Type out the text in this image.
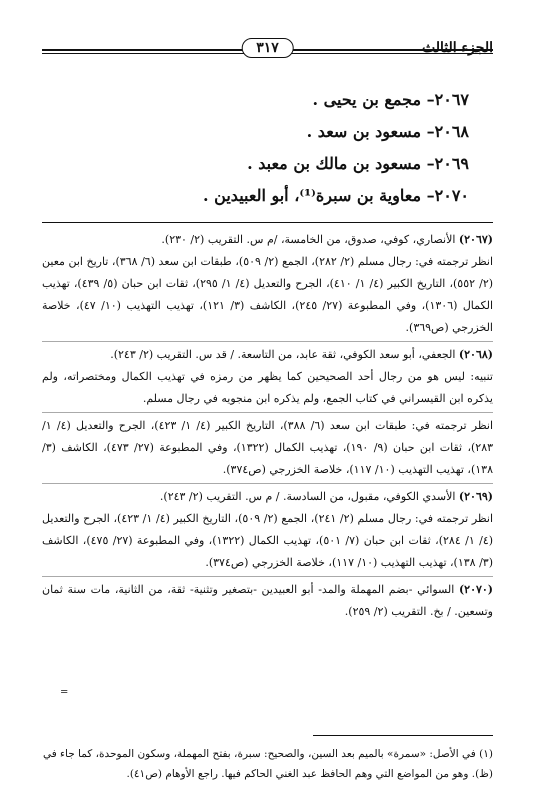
الجزء الثالث
٣١٧
٢٠٦٧– مجمع بن يحيى .
٢٠٦٨– مسعود بن سعد .
٢٠٦٩– مسعود بن مالك بن معبد .
٢٠٧٠– معاوية بن سبرة⁽¹⁾، أبو العبيدين .

(٢٠٦٧) الأنصاري، كوفي، صدوق، من الخامسة، /م س. التقريب (٢/ ٢٣٠).

انظر ترجمته في: رجال مسلم (٢/ ٢٨٢)، الجمع (٢/ ٥٠٩)، طبقات ابن سعد (٦/ ٣٦٨)، تاريخ ابن معين (٢/ ٥٥٢)، التاريخ الكبير (٤/ ١/ ٤١٠)، الجرح والتعديل (٤/ ١/ ٢٩٥)، ثقات ابن حبان (٥/ ٤٣٩)، تهذيب الكمال (١٣٠٦)، وفي المطبوعة (٢٧/ ٢٤٥)، الكاشف (٣/ ١٢١)، تهذيب التهذيب (١٠/ ٤٧)، خلاصة الخزرجي (ص٣٦٩).

(٢٠٦٨) الجعفي، أبو سعد الكوفي، ثقة عابد، من التاسعة. / قد س. التقريب (٢/ ٢٤٣).

تنبيه: ليس هو من رجال أحد الصحيحين كما يظهر من رمزه في تهذيب الكمال ومختصراته، ولم يذكره ابن القيسراني في كتاب الجمع، ولم يذكره ابن منجويه في رجال مسلم.

انظر ترجمته في: طبقات ابن سعد (٦/ ٣٨٨)، التاريخ الكبير (٤/ ١/ ٤٢٣)، الجرح والتعديل (٤/ ١/ ٢٨٣)، ثقات ابن حبان (٩/ ١٩٠)، تهذيب الكمال (١٣٢٢)، وفي المطبوعة (٢٧/ ٤٧٣)، الكاشف (٣/ ١٣٨)، تهذيب التهذيب (١٠/ ١١٧)، خلاصة الخزرجي (ص٣٧٤).

(٢٠٦٩) الأسدي الكوفي، مقبول، من السادسة. / م س. التقريب (٢/ ٢٤٣).

انظر ترجمته في: رجال مسلم (٢/ ٢٤١)، الجمع (٢/ ٥٠٩)، التاريخ الكبير (٤/ ١/ ٤٢٣)، الجرح والتعديل (٤/ ١/ ٢٨٤)، ثقات ابن حبان (٧/ ٥٠١)، تهذيب الكمال (١٣٢٢)، وفي المطبوعة (٢٧/ ٤٧٥)، الكاشف (٣/ ١٣٨)، تهذيب التهذيب (١٠/ ١١٧)، خلاصة الخزرجي (ص٣٧٤).

(٢٠٧٠) السوائي -بضم المهملة والمد- أبو العبيدين -بتصغير وتثنية- ثقة، من الثانية، مات سنة ثمان وتسعين. / بخ. التقريب (٢/ ٢٥٩).

=
(١) في الأصل: «سمرة» بالميم بعد السين، والصحيح: سبرة، بفتح المهملة، وسكون الموحدة، كما جاء في (ظ). وهو من المواضع التي وهم الحافظ عبد الغني الحاكم فيها. راجع الأوهام (ص٤١).
